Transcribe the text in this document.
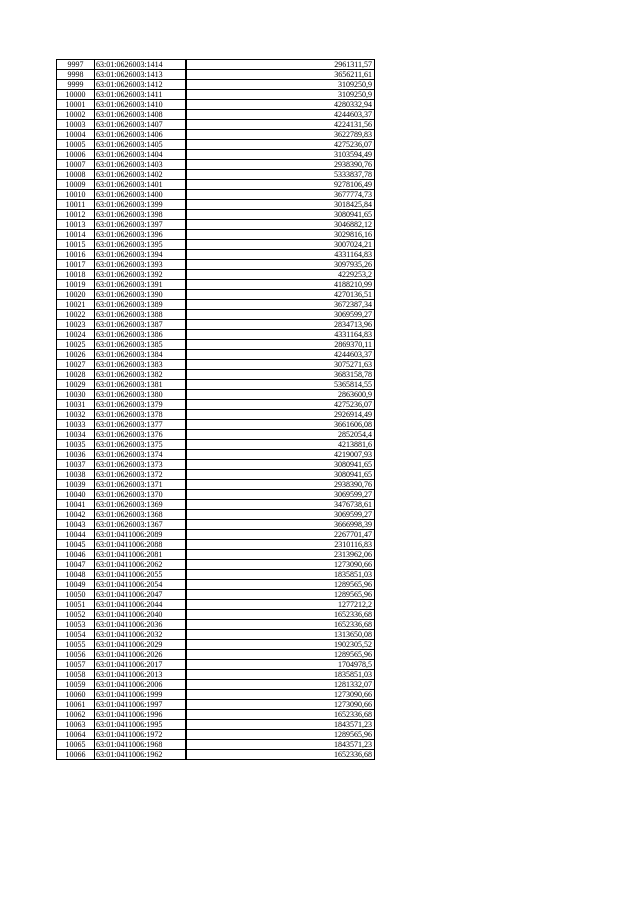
9997	63:01:0626003:1414	2961311,57
9998	63:01:0626003:1413	3656211,61
9999	63:01:0626003:1412	3109250,9
10000	63:01:0626003:1411	3109250,9
10001	63:01:0626003:1410	4280332,94
10002	63:01:0626003:1408	4244603,37
10003	63:01:0626003:1407	4224131,56
10004	63:01:0626003:1406	3622789,83
10005	63:01:0626003:1405	4275236,07
10006	63:01:0626003:1404	3103594,49
10007	63:01:0626003:1403	2938390,76
10008	63:01:0626003:1402	5333837,78
10009	63:01:0626003:1401	9278106,49
10010	63:01:0626003:1400	3677774,73
10011	63:01:0626003:1399	3018425,84
10012	63:01:0626003:1398	3080941,65
10013	63:01:0626003:1397	3046882,12
10014	63:01:0626003:1396	3029816,16
10015	63:01:0626003:1395	3007024,21
10016	63:01:0626003:1394	4331164,83
10017	63:01:0626003:1393	3097935,26
10018	63:01:0626003:1392	4229253,2
10019	63:01:0626003:1391	4188210,99
10020	63:01:0626003:1390	4270136,51
10021	63:01:0626003:1389	3672387,34
10022	63:01:0626003:1388	3069599,27
10023	63:01:0626003:1387	2834713,96
10024	63:01:0626003:1386	4331164,83
10025	63:01:0626003:1385	2869370,11
10026	63:01:0626003:1384	4244603,37
10027	63:01:0626003:1383	3075271,63
10028	63:01:0626003:1382	3683158,78
10029	63:01:0626003:1381	5365814,55
10030	63:01:0626003:1380	2863600,9
10031	63:01:0626003:1379	4275236,07
10032	63:01:0626003:1378	2926914,49
10033	63:01:0626003:1377	3661606,08
10034	63:01:0626003:1376	2852054,4
10035	63:01:0626003:1375	4213881,6
10036	63:01:0626003:1374	4219007,93
10037	63:01:0626003:1373	3080941,65
10038	63:01:0626003:1372	3080941,65
10039	63:01:0626003:1371	2938390,76
10040	63:01:0626003:1370	3069599,27
10041	63:01:0626003:1369	3476738,61
10042	63:01:0626003:1368	3069599,27
10043	63:01:0626003:1367	3666998,39
10044	63:01:0411006:2089	2267701,47
10045	63:01:0411006:2088	2310116,83
10046	63:01:0411006:2081	2313962,06
10047	63:01:0411006:2062	1273090,66
10048	63:01:0411006:2055	1835851,03
10049	63:01:0411006:2054	1289565,96
10050	63:01:0411006:2047	1289565,96
10051	63:01:0411006:2044	1277212,2
10052	63:01:0411006:2040	1652336,68
10053	63:01:0411006:2036	1652336,68
10054	63:01:0411006:2032	1313650,08
10055	63:01:0411006:2029	1902305,52
10056	63:01:0411006:2026	1289565,96
10057	63:01:0411006:2017	1704978,5
10058	63:01:0411006:2013	1835851,03
10059	63:01:0411006:2006	1281332,07
10060	63:01:0411006:1999	1273090,66
10061	63:01:0411006:1997	1273090,66
10062	63:01:0411006:1996	1652336,68
10063	63:01:0411006:1995	1843571,23
10064	63:01:0411006:1972	1289565,96
10065	63:01:0411006:1968	1843571,23
10066	63:01:0411006:1962	1652336,68
